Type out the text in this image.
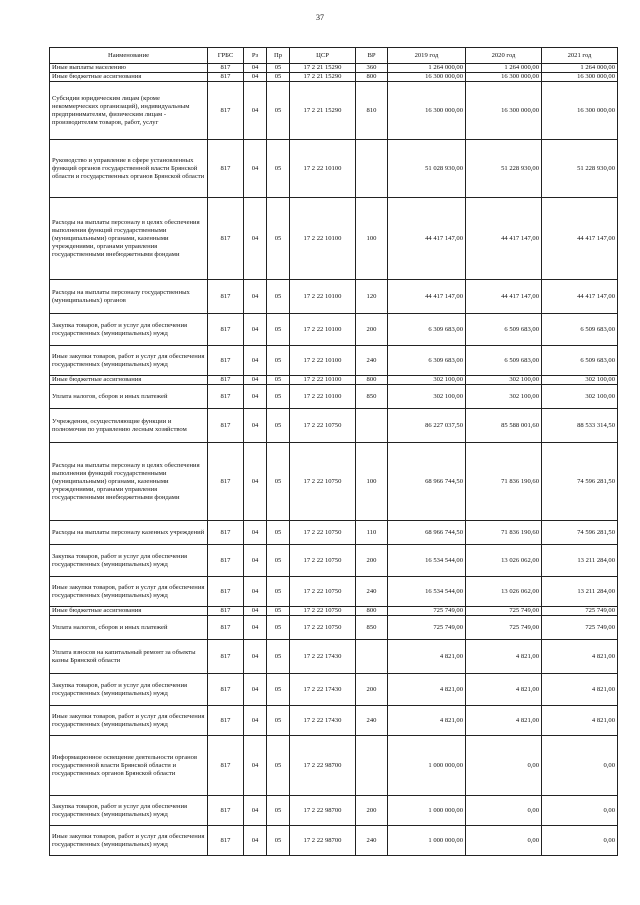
37
Наименование	ГРБС	Рз	Пр	ЦСР	ВР	2019 год	2020 год	2021 год
Иные выплаты населению	817	04	05	17 2 21 15290	360	1 264 000,00	1 264 000,00	1 264 000,00
Иные бюджетные ассигнования	817	04	05	17 2 21 15290	800	16 300 000,00	16 300 000,00	16 300 000,00
Субсидии юридическим лицам (кроме некоммерческих организаций), индивидуальным предпринимателям, физическим лицам - производителям товаров, работ, услуг	817	04	05	17 2 21 15290	810	16 300 000,00	16 300 000,00	16 300 000,00
Руководство и управление в сфере установленных функций органов государственной власти Брянской области и государственных органов Брянской области	817	04	05	17 2 22 10100		51 028 930,00	51 228 930,00	51 228 930,00
Расходы на выплаты персоналу в целях обеспечения выполнения функций государственными (муниципальными) органами, казенными учреждениями, органами управления государственными внебюджетными фондами	817	04	05	17 2 22 10100	100	44 417 147,00	44 417 147,00	44 417 147,00
Расходы на выплаты персоналу государственных (муниципальных) органов	817	04	05	17 2 22 10100	120	44 417 147,00	44 417 147,00	44 417 147,00
Закупка товаров, работ и услуг для обеспечения государственных (муниципальных) нужд	817	04	05	17 2 22 10100	200	6 309 683,00	6 509 683,00	6 509 683,00
Иные закупки товаров, работ и услуг для обеспечения государственных (муниципальных) нужд	817	04	05	17 2 22 10100	240	6 309 683,00	6 509 683,00	6 509 683,00
Иные бюджетные ассигнования	817	04	05	17 2 22 10100	800	302 100,00	302 100,00	302 100,00
Уплата налогов, сборов и иных платежей	817	04	05	17 2 22 10100	850	302 100,00	302 100,00	302 100,00
Учреждения, осуществляющие функции и полномочия по управлению лесным хозяйством	817	04	05	17 2 22 10750		86 227 037,50	85 588 001,60	88 533 314,50
Расходы на выплаты персоналу в целях обеспечения выполнения функций государственными (муниципальными) органами, казенными учреждениями, органами управления государственными внебюджетными фондами	817	04	05	17 2 22 10750	100	68 966 744,50	71 836 190,60	74 596 281,50
Расходы на выплаты персоналу казенных учреждений	817	04	05	17 2 22 10750	110	68 966 744,50	71 836 190,60	74 596 281,50
Закупка товаров, работ и услуг для обеспечения государственных (муниципальных) нужд	817	04	05	17 2 22 10750	200	16 534 544,00	13 026 062,00	13 211 284,00
Иные закупки товаров, работ и услуг для обеспечения государственных (муниципальных) нужд	817	04	05	17 2 22 10750	240	16 534 544,00	13 026 062,00	13 211 284,00
Иные бюджетные ассигнования	817	04	05	17 2 22 10750	800	725 749,00	725 749,00	725 749,00
Уплата налогов, сборов и иных платежей	817	04	05	17 2 22 10750	850	725 749,00	725 749,00	725 749,00
Уплата взносов на капитальный ремонт за объекты казны Брянской области	817	04	05	17 2 22 17430		4 821,00	4 821,00	4 821,00
Закупка товаров, работ и услуг для обеспечения государственных (муниципальных) нужд	817	04	05	17 2 22 17430	200	4 821,00	4 821,00	4 821,00
Иные закупки товаров, работ и услуг для обеспечения государственных (муниципальных) нужд	817	04	05	17 2 22 17430	240	4 821,00	4 821,00	4 821,00
Информационное освещение деятельности органов государственной власти Брянской области и государственных органов Брянской области	817	04	05	17 2 22 98700		1 000 000,00	0,00	0,00
Закупка товаров, работ и услуг для обеспечения государственных (муниципальных) нужд	817	04	05	17 2 22 98700	200	1 000 000,00	0,00	0,00
Иные закупки товаров, работ и услуг для обеспечения государственных (муниципальных) нужд	817	04	05	17 2 22 98700	240	1 000 000,00	0,00	0,00
